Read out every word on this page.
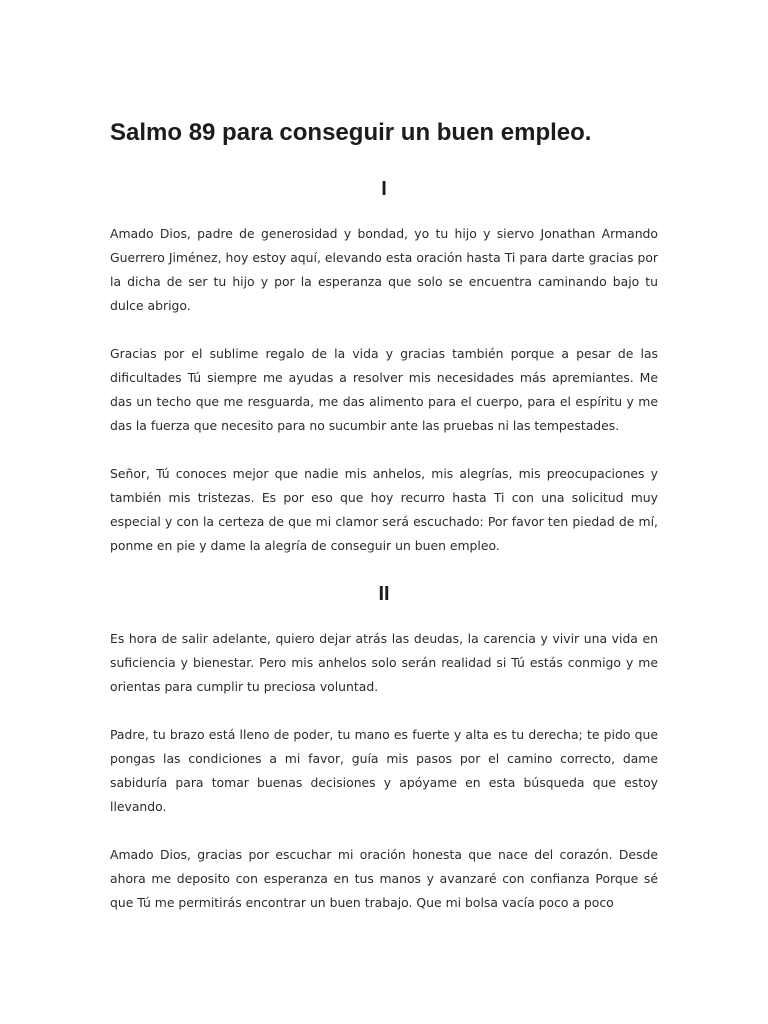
Salmo 89 para conseguir un buen empleo.
I

Amado Dios, padre de generosidad y bondad, yo tu hijo y siervo Jonathan Armando Guerrero Jiménez, hoy estoy aquí, elevando esta oración hasta Ti para darte gracias por la dicha de ser tu hijo y por la esperanza que solo se encuentra caminando bajo tu dulce abrigo.

Gracias por el sublime regalo de la vida y gracias también porque a pesar de las dificultades Tú siempre me ayudas a resolver mis necesidades más apremiantes. Me das un techo que me resguarda, me das alimento para el cuerpo, para el espíritu y me das la fuerza que necesito para no sucumbir ante las pruebas ni las tempestades.

Señor, Tú conoces mejor que nadie mis anhelos, mis alegrías, mis preocupaciones y también mis tristezas. Es por eso que hoy recurro hasta Ti con una solicitud muy especial y con la certeza de que mi clamor será escuchado: Por favor ten piedad de mí, ponme en pie y dame la alegría de conseguir un buen empleo.

II

Es hora de salir adelante, quiero dejar atrás las deudas, la carencia y vivir una vida en suficiencia y bienestar. Pero mis anhelos solo serán realidad si Tú estás conmigo y me orientas para cumplir tu preciosa voluntad.

Padre, tu brazo está lleno de poder, tu mano es fuerte y alta es tu derecha; te pido que pongas las condiciones a mi favor, guía mis pasos por el camino correcto, dame sabiduría para tomar buenas decisiones y apóyame en esta búsqueda que estoy llevando.

Amado Dios, gracias por escuchar mi oración honesta que nace del corazón. Desde ahora me deposito con esperanza en tus manos y avanzaré con confianza Porque sé que Tú me permitirás encontrar un buen trabajo. Que mi bolsa vacía poco a poco
